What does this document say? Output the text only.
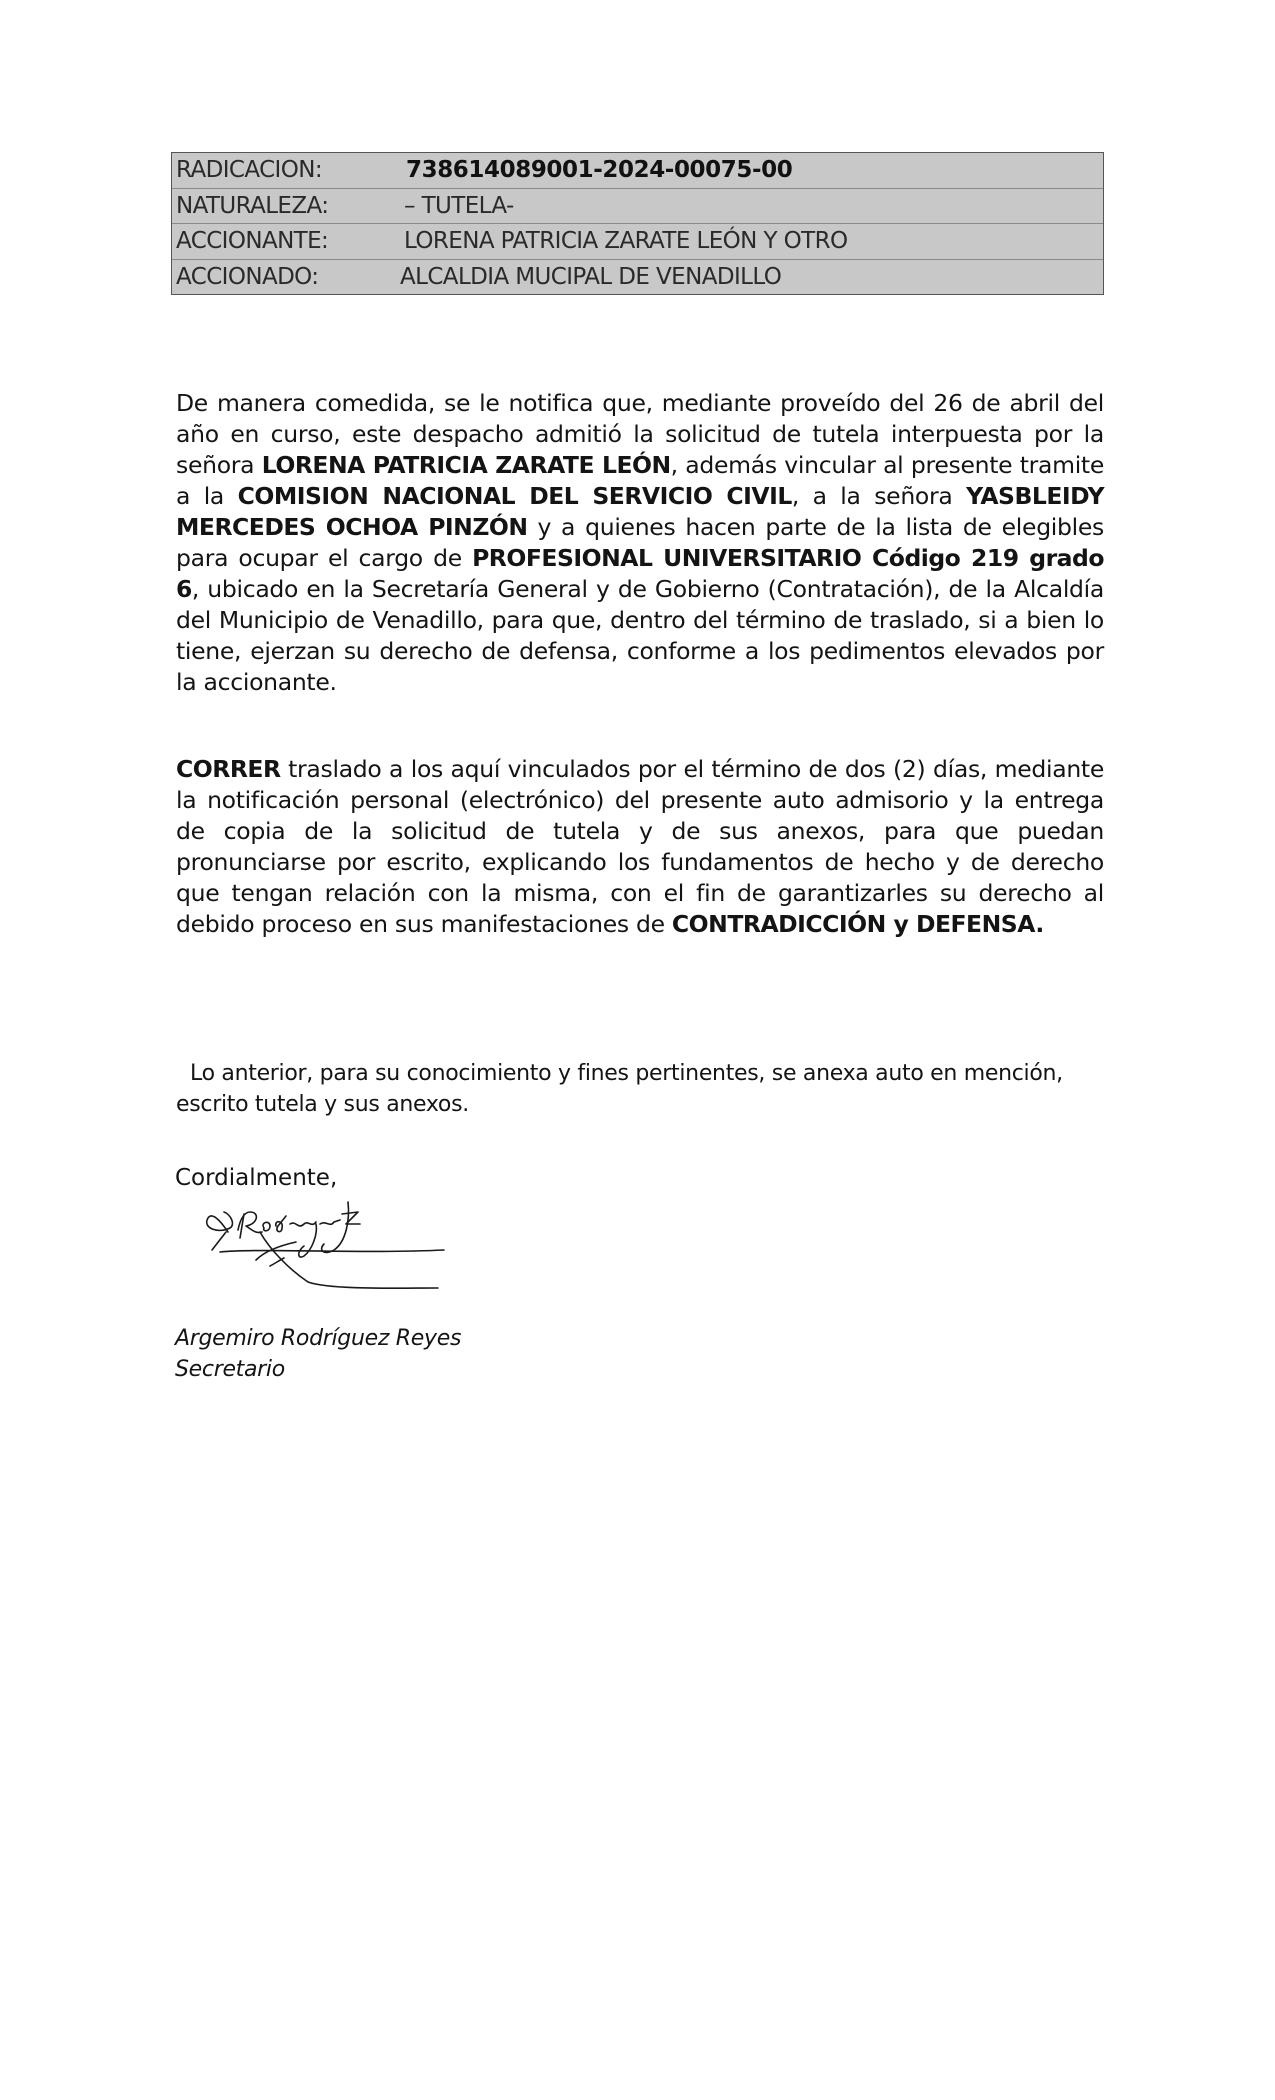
RADICACION:	738614089001-2024-00075-00
NATURALEZA:	– TUTELA-
ACCIONANTE:	LORENA PATRICIA ZARATE LEÓN Y OTRO
ACCIONADO:	ALCALDIA MUCIPAL DE VENADILLO

De manera comedida, se le notifica que, mediante proveído del 26 de abril del año en curso, este despacho admitió la solicitud de tutela interpuesta por la señora LORENA PATRICIA ZARATE LEÓN, además vincular al presente tramite a la COMISION NACIONAL DEL SERVICIO CIVIL, a la señora YASBLEIDY MERCEDES OCHOA PINZÓN y a quienes hacen parte de la lista de elegibles para ocupar el cargo de PROFESIONAL UNIVERSITARIO Código 219 grado 6, ubicado en la Secretaría General y de Gobierno (Contratación), de la Alcaldía del Municipio de Venadillo, para que, dentro del término de traslado, si a bien lo tiene, ejerzan su derecho de defensa, conforme a los pedimentos elevados por la accionante.

CORRER traslado a los aquí vinculados por el término de dos (2) días, mediante la notificación personal (electrónico) del presente auto admisorio y la entrega de copia de la solicitud de tutela y de sus anexos, para que puedan pronunciarse por escrito, explicando los fundamentos de hecho y de derecho que tengan relación con la misma, con el fin de garantizarles su derecho al debido proceso en sus manifestaciones de CONTRADICCIÓN y DEFENSA.

Lo anterior, para su conocimiento y fines pertinentes, se anexa auto en mención, escrito tutela y sus anexos.

Cordialmente,
Argemiro Rodríguez Reyes
Secretario
